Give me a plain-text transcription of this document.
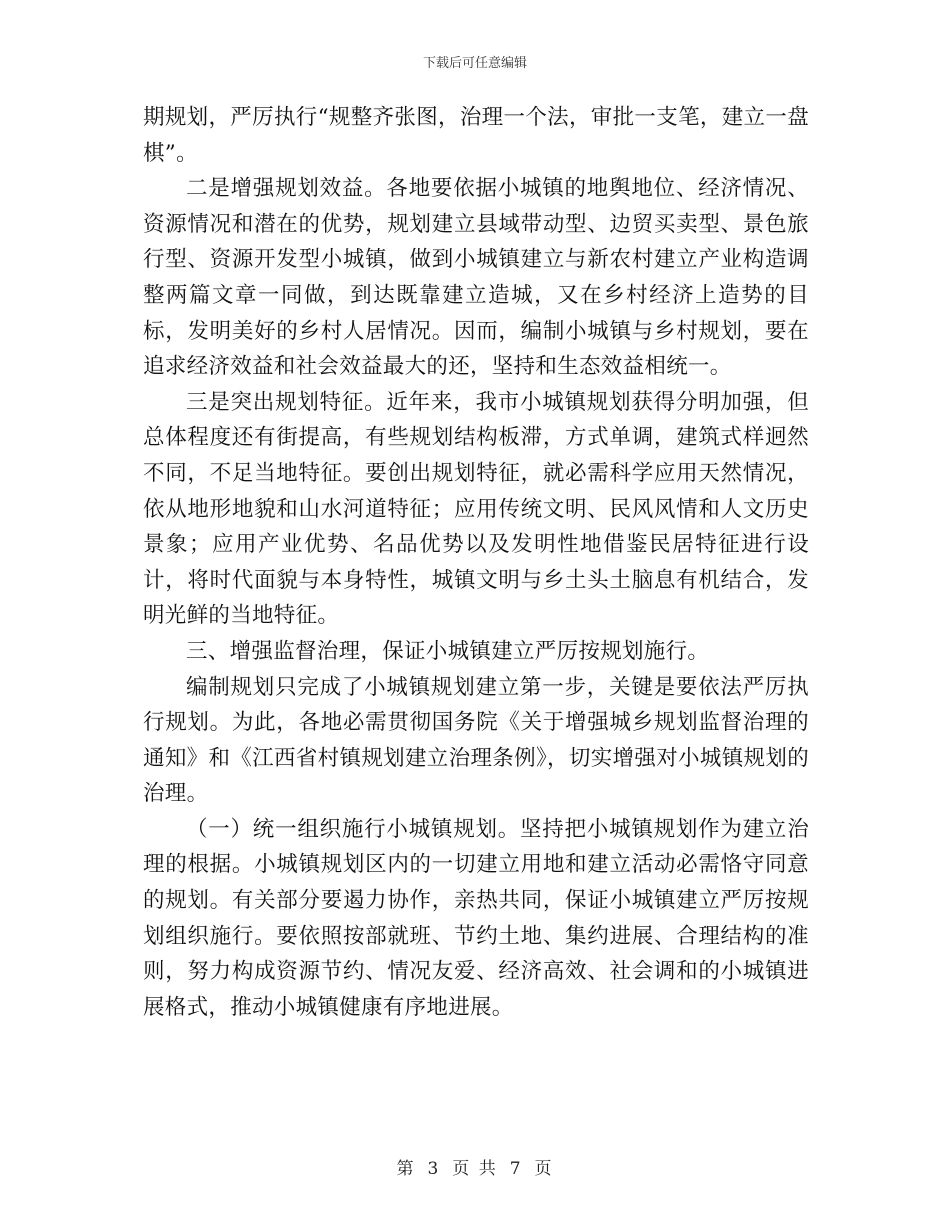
下载后可任意编辑

期规划，严厉执行“规整齐张图，治理一个法，审批一支笔，建立一盘棋”。

二是增强规划效益。各地要依据小城镇的地舆地位、经济情况、资源情况和潜在的优势，规划建立县域带动型、边贸买卖型、景色旅行型、资源开发型小城镇，做到小城镇建立与新农村建立产业构造调整两篇文章一同做，到达既靠建立造城，又在乡村经济上造势的目标，发明美好的乡村人居情况。因而，编制小城镇与乡村规划，要在追求经济效益和社会效益最大的还，坚持和生态效益相统一。

三是突出规划特征。近年来，我市小城镇规划获得分明加强，但总体程度还有街提高，有些规划结构板滞，方式单调，建筑式样迥然不同，不足当地特征。要创出规划特征，就必需科学应用天然情况，依从地形地貌和山水河道特征；应用传统文明、民风风情和人文历史景象；应用产业优势、名品优势以及发明性地借鉴民居特征进行设计，将时代面貌与本身特性，城镇文明与乡土头土脑息有机结合，发明光鲜的当地特征。

三、增强监督治理，保证小城镇建立严厉按规划施行。

编制规划只完成了小城镇规划建立第一步，关键是要依法严厉执行规划。为此，各地必需贯彻国务院《关于增强城乡规划监督治理的通知》和《江西省村镇规划建立治理条例》，切实增强对小城镇规划的治理。

（一）统一组织施行小城镇规划。坚持把小城镇规划作为建立治理的根据。小城镇规划区内的一切建立用地和建立活动必需恪守同意的规划。有关部分要遏力协作，亲热共同，保证小城镇建立严厉按规划组织施行。要依照按部就班、节约土地、集约进展、合理结构的准则，努力构成资源节约、情况友爱、经济高效、社会调和的小城镇进展格式，推动小城镇健康有序地进展。

第 3 页 共 7 页
